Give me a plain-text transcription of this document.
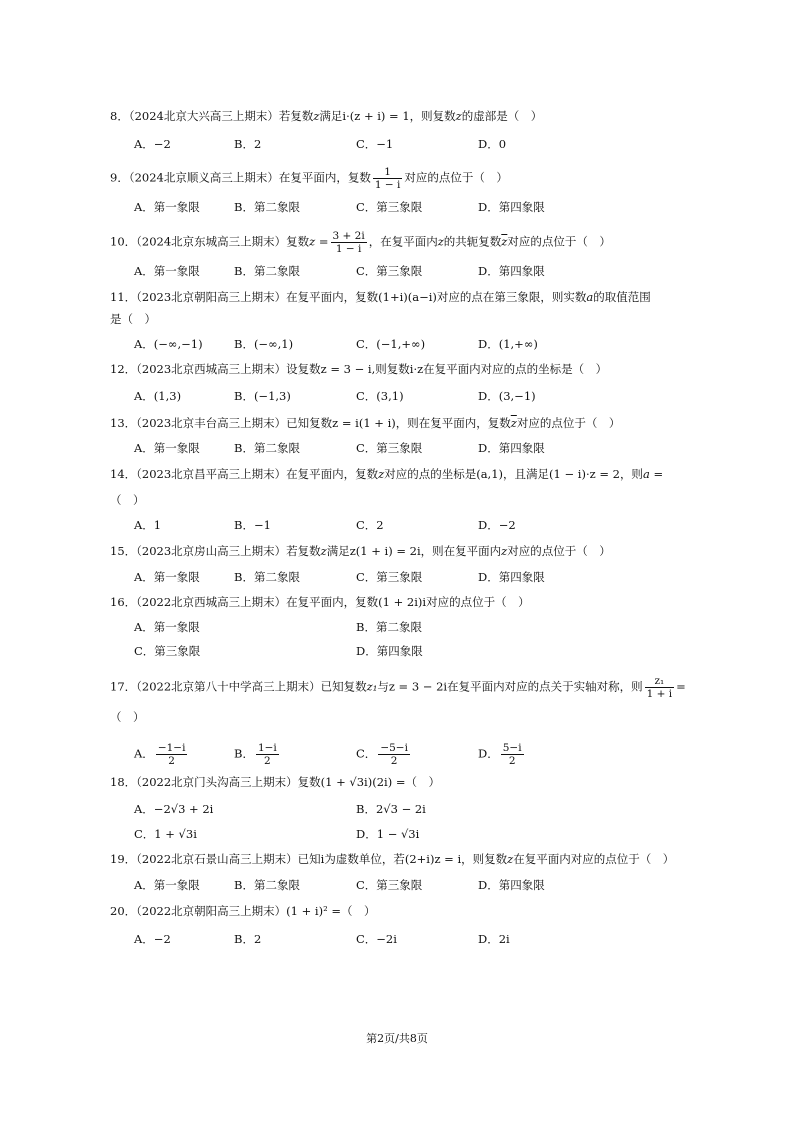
8．（2024北京大兴高三上期末）若复数z满足i·(z + i) = 1，则复数z的虚部是（　）
A．−2	B．2	C．−1	D．0
9．（2024北京顺义高三上期末）在复平面内，复数 $\frac{1}{1 - i}$ 对应的点位于（　）
A．第一象限	B．第二象限	C．第三象限	D．第四象限
10．（2024北京东城高三上期末）复数$z = \frac{3 + 2i}{1 - i}$ ，在复平面内z的共轭复数$\overline{z}$对应的点位于（　）
A．第一象限	B．第二象限	C．第三象限	D．第四象限
11．（2023北京朝阳高三上期末）在复平面内，复数(1+i)(a−i)对应的点在第三象限，则实数a的取值范围
是（　）
A．(−∞,−1)	B．(−∞,1)	C．(−1,+∞)	D．(1,+∞)
12．（2023北京西城高三上期末）设复数z = 3 − i,则复数i·z在复平面内对应的点的坐标是（　）
A．(1,3)	B．(−1,3)	C．(3,1)	D．(3,−1)
13．（2023北京丰台高三上期末）已知复数z = i(1 + i)，则在复平面内，复数$\overline{z}$对应的点位于（　）
A．第一象限	B．第二象限	C．第三象限	D．第四象限
14．（2023北京昌平高三上期末）在复平面内，复数z对应的点的坐标是(a,1)，且满足(1 − i)·z = 2，则a =
（　）
A．1	B．−1	C．2	D．−2
15．（2023北京房山高三上期末）若复数z满足z(1 + i) = 2i，则在复平面内z对应的点位于（　）
A．第一象限	B．第二象限	C．第三象限	D．第四象限
16．（2022北京西城高三上期末）在复平面内，复数(1 + 2i)i对应的点位于（　）
A．第一象限	B．第二象限
C．第三象限	D．第四象限
17．（2022北京第八十中学高三上期末）已知复数z₁与z = 3 − 2i在复平面内对应的点关于实轴对称，则 $\frac{\text{z₁}}{1 + i}$ =
（　）
A． $\frac{-1-i}{2}$	B． $\frac{1-i}{2}$	C． $\frac{-5-i}{2}$	D． $\frac{5-i}{2}$
18．（2022北京门头沟高三上期末）复数(1 + √3i)(2i) =（　）
A．−2√3 + 2i	B．2√3 − 2i
C．1 + √3i	D．1 − √3i
19．（2022北京石景山高三上期末）已知i为虚数单位，若(2+i)z = i，则复数z在复平面内对应的点位于（　）
A．第一象限	B．第二象限	C．第三象限	D．第四象限
20．（2022北京朝阳高三上期末）(1 + i)² =（　）
A．−2	B．2	C．−2i	D．2i
第2页/共8页
